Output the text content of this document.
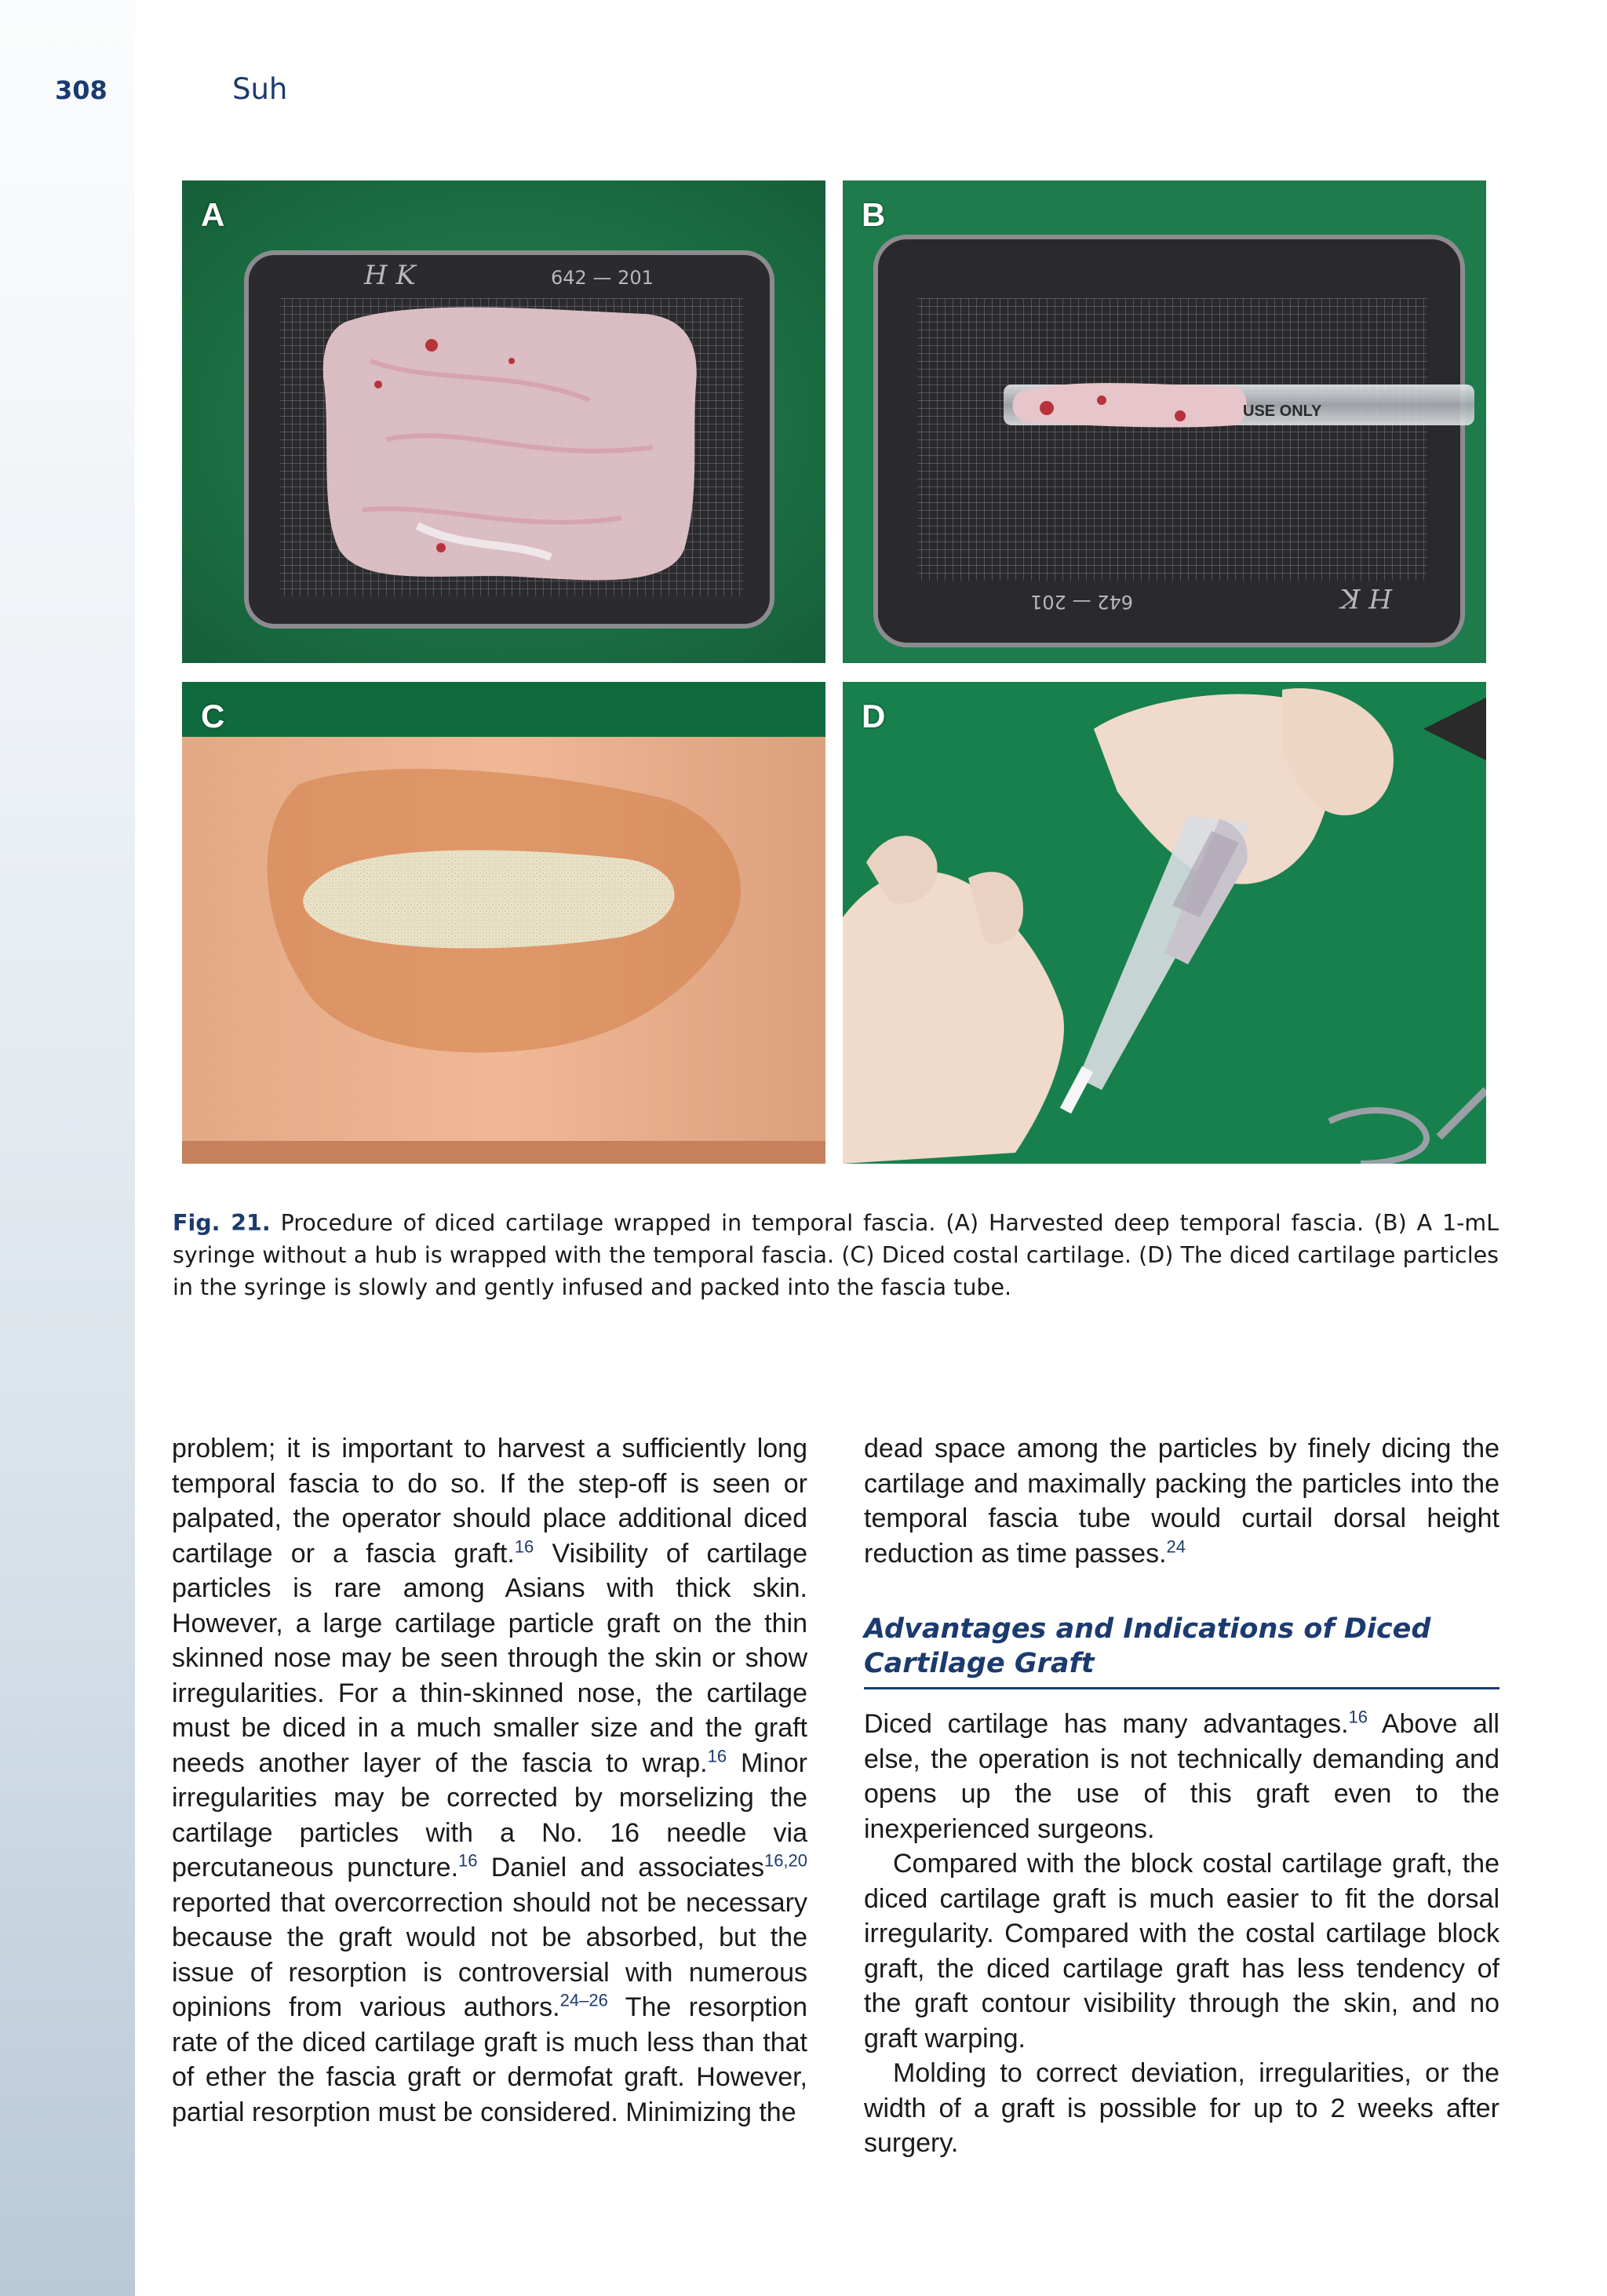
308	Suh
H K	642 — 201
A
H K
642 — 201
USE ONLY
B
C	D
Fig. 21. Procedure of diced cartilage wrapped in temporal fascia. (A) Harvested deep temporal fascia. (B) A 1-mL syringe without a hub is wrapped with the temporal fascia. (C) Diced costal cartilage. (D) The diced cartilage particles in the syringe is slowly and gently infused and packed into the fascia tube.

problem; it is important to harvest a sufficiently long temporal fascia to do so. If the step-off is seen or palpated, the operator should place additional diced cartilage or a fascia graft.$^{16}$ Visibility of cartilage particles is rare among Asians with thick skin. However, a large cartilage particle graft on the thin skinned nose may be seen through the skin or show irregularities. For a thin-skinned nose, the cartilage must be diced in a much smaller size and the graft needs another layer of the fascia to wrap.$^{16}$ Minor irregularities may be corrected by morselizing the cartilage particles with a No. 16 needle via percutaneous puncture.$^{16}$ Daniel and associates$^{16,20}$ reported that overcorrection should not be necessary because the graft would not be absorbed, but the issue of resorption is controversial with numerous opinions from various authors.$^{24-26}$ The resorption rate of the diced cartilage graft is much less than that of ether the fascia graft or dermofat graft. However, partial resorption must be considered. Minimizing the

dead space among the particles by finely dicing the cartilage and maximally packing the particles into the temporal fascia tube would curtail dorsal height reduction as time passes.$^{24}$

Advantages and Indications of Diced Cartilage Graft

Diced cartilage has many advantages.$^{16}$ Above all else, the operation is not technically demanding and opens up the use of this graft even to the inexperienced surgeons.

Compared with the block costal cartilage graft, the diced cartilage graft is much easier to fit the dorsal irregularity. Compared with the costal cartilage block graft, the diced cartilage graft has less tendency of the graft contour visibility through the skin, and no graft warping.

Molding to correct deviation, irregularities, or the width of a graft is possible for up to 2 weeks after surgery.
